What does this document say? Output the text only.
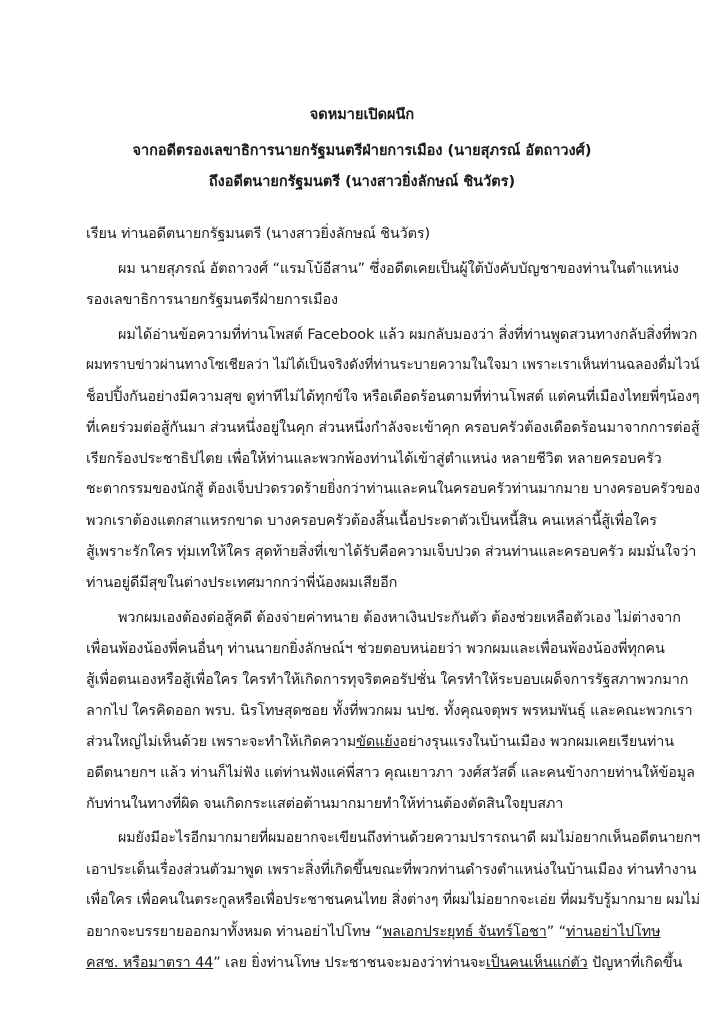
จดหมายเปิดผนึก
จากอดีตรองเลขาธิการนายกรัฐมนตรีฝ่ายการเมือง (นายสุภรณ์ อัตถาวงศ์)
ถึงอดีตนายกรัฐมนตรี (นางสาวยิ่งลักษณ์ ชินวัตร)
เรียน ท่านอดีตนายกรัฐมนตรี (นางสาวยิ่งลักษณ์ ชินวัตร)
ผม นายสุภรณ์ อัตถาวงศ์ “แรมโบ้อีสาน” ซึ่งอดีตเคยเป็นผู้ใต้บังคับบัญชาของท่านในตำแหน่ง
รองเลขาธิการนายกรัฐมนตรีฝ่ายการเมือง
ผมได้อ่านข้อความที่ท่านโพสต์ Facebook แล้ว ผมกลับมองว่า สิ่งที่ท่านพูดสวนทางกลับสิ่งที่พวก
ผมทราบข่าวผ่านทางโซเชียลว่า ไม่ได้เป็นจริงดังที่ท่านระบายความในใจมา เพราะเราเห็นท่านฉลองดื่มไวน์
ช็อปปิ้งกันอย่างมีความสุข ดูท่าทีไม่ได้ทุกข์ใจ หรือเดือดร้อนตามที่ท่านโพสต์ แต่คนที่เมืองไทยพี่ๆน้องๆ
ที่เคยร่วมต่อสู้กันมา ส่วนหนึ่งอยู่ในคุก ส่วนหนึ่งกำลังจะเข้าคุก ครอบครัวต้องเดือดร้อนมาจากการต่อสู้
เรียกร้องประชาธิปไตย เพื่อให้ท่านและพวกพ้องท่านได้เข้าสู่ตำแหน่ง หลายชีวิต หลายครอบครัว
ชะตากรรมของนักสู้ ต้องเจ็บปวดรวดร้ายยิ่งกว่าท่านและคนในครอบครัวท่านมากมาย บางครอบครัวของ
พวกเราต้องแตกสาแหรกขาด บางครอบครัวต้องสิ้นเนื้อประดาตัวเป็นหนี้สิน คนเหล่านี้สู้เพื่อใคร
สู้เพราะรักใคร ทุ่มเทให้ใคร สุดท้ายสิ่งที่เขาได้รับคือความเจ็บปวด ส่วนท่านและครอบครัว ผมมั่นใจว่า
ท่านอยู่ดีมีสุขในต่างประเทศมากกว่าพี่น้องผมเสียอีก
พวกผมเองต้องต่อสู้คดี ต้องจ่ายค่าทนาย ต้องหาเงินประกันตัว ต้องช่วยเหลือตัวเอง ไม่ต่างจาก
เพื่อนพ้องน้องพี่คนอื่นๆ ท่านนายกยิ่งลักษณ์ฯ ช่วยตอบหน่อยว่า พวกผมและเพื่อนพ้องน้องพี่ทุกคน
สู้เพื่อตนเองหรือสู้เพื่อใคร ใครทำให้เกิดการทุจริตคอรัปชั่น ใครทำให้ระบอบเผด็จการรัฐสภาพวกมาก
ลากไป ใครคิดออก พรบ. นิรโทษสุดซอย ทั้งที่พวกผม นปช. ทั้งคุณจตุพร พรหมพันธุ์ และคณะพวกเรา
ส่วนใหญ่ไม่เห็นด้วย เพราะจะทำให้เกิดความขัดแย้งอย่างรุนแรงในบ้านเมือง พวกผมเคยเรียนท่าน
อดีตนายกฯ แล้ว ท่านก็ไม่ฟัง แต่ท่านฟังแค่พี่สาว คุณเยาวภา วงศ์สวัสดิ์ และคนข้างกายท่านให้ข้อมูล
กับท่านในทางที่ผิด จนเกิดกระแสต่อต้านมากมายทำให้ท่านต้องตัดสินใจยุบสภา
ผมยังมีอะไรอีกมากมายที่ผมอยากจะเขียนถึงท่านด้วยความปรารถนาดี ผมไม่อยากเห็นอดีตนายกฯ
เอาประเด็นเรื่องส่วนตัวมาพูด เพราะสิ่งที่เกิดขึ้นขณะที่พวกท่านดำรงตำแหน่งในบ้านเมือง ท่านทำงาน
เพื่อใคร เพื่อคนในตระกูลหรือเพื่อประชาชนคนไทย สิ่งต่างๆ ที่ผมไม่อยากจะเอ่ย ที่ผมรับรู้มากมาย ผมไม่
อยากจะบรรยายออกมาทั้งหมด ท่านอย่าไปโทษ “พลเอกประยุทธ์ จันทร์โอชา” “ท่านอย่าไปโทษ
คสช. หรือมาตรา 44” เลย ยิ่งท่านโทษ ประชาชนจะมองว่าท่านจะเป็นคนเห็นแก่ตัว ปัญหาที่เกิดขึ้น
